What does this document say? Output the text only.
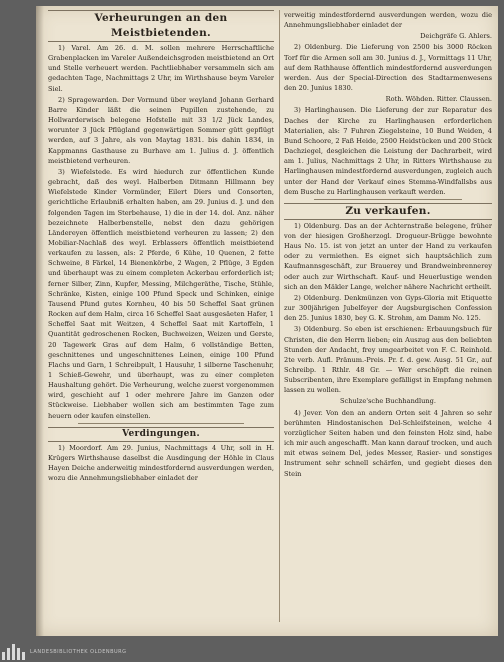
Verheurungen an den Meistbietenden.

1) Varel. Am 26. d. M. sollen mehrere Herrschaftliche Grabenplacken im Vareler Außendeichsgroden meistbietend an Ort und Stelle verheuert werden. Pachtliebhaber versammeln sich am gedachten Tage, Nachmittags 2 Uhr, im Wirthshause beym Vareler Siel.

2) Spragewarden. Der Vormund über weyland Johann Gerhard Barre Kinder läßt die seinen Pupillen zustehende, zu Hollwarderwisch belegene Hofstelle mit 33 1/2 Jück Landes, worunter 3 Jück Pflügland gegenwärtigen Sommer gütt gepflügt werden, auf 3 Jahre, als von Maytag 1831. bis dahin 1834, in Kappmanns Gasthause zu Burhave am 1. Julius d. J. öffentlich meistbietend verheuren.

3) Wiefelstede. Es wird hiedurch zur öffentlichen Kunde gebracht, daß des weyl. Halberben Ditmann Hillmann bey Wiefelstede Kinder Vormünder, Eilert Diers und Consorten, gerichtliche Erlaubniß erhalten haben, am 29. Junius d. J. und den folgenden Tagen im Sterbehause, 1) die in der 14. dol. Anz. näher bezeichnete Halberbenstelle, nebst den dazu gehörigen Ländereyen öffentlich meistbietend verheuren zu lassen; 2) den Mobiliar-Nachlaß des weyl. Erblassers öffentlich meistbietend verkaufen zu lassen, als: 2 Pferde, 6 Kühe, 10 Quenen, 2 fette Schweine, 8 Färkel, 14 Bienenkörbe, 2 Wagen, 2 Pflüge, 3 Egden und überhaupt was zu einem completen Ackerbau erforderlich ist; ferner Silber, Zinn, Kupfer, Messing, Milchgeräthe, Tische, Stühle, Schränke, Kisten, einige 100 Pfund Speck und Schinken, einige Tausend Pfund gutes Kornheu, 40 bis 50 Scheffel Saat grünen Rocken auf dem Halm, circa 16 Scheffel Saat ausgesäeten Hafer, 1 Scheffel Saat mit Weitzen, 4 Scheffel Saat mit Kartoffeln, 1 Quantität gedroschenen Rocken, Buchweizen, Weizen und Gerste, 20 Tagewerk Gras auf dem Halm, 6 vollständige Betten, geschnittenes und ungeschnittenes Leinen, einige 100 Pfund Flachs und Garn, 1 Schreibpult, 1 Hausuhr, 1 silberne Taschenuhr, 1 Schieß-Gewehr, und überhaupt, was zu einer completen Haushaltung gehört. Die Verheurung, welche zuerst vorgenommen wird, geschieht auf 1 oder mehrere Jahre im Ganzen oder Stückweise. Liebhaber wollen sich am bestimmten Tage zum heuern oder kaufen einstellen.

Verdingungen.

1) Moordorf. Am 29. Junius, Nachmittags 4 Uhr, soll in H. Krügers Wirthshause daselbst die Ausdingung der Höhle in Claus Hayen Deiche anderweitig mindestfordernd ausverdungen werden, wozu die Annehmungsliebhaber einladet der

verweitig mindestfordernd ausverdungen werden, wozu die Annehmungsliebhaber einladet der

Deichgräfe G. Ahlers.

2) Oldenburg. Die Lieferung von 2500 bis 3000 Röcken Torf für die Armen soll am 30. Junius d. J., Vormittags 11 Uhr, auf dem Rathhause öffentlich mindestfordernd ausverdungen werden. Aus der Special-Direction des Stadtarmenwesens den 20. Junius 1830.

Roth. Wöhden. Ritter. Claussen.

3) Harlinghausen. Die Lieferung der zur Reparatur des Daches der Kirche zu Harlinghausen erforderlichen Materialien, als: 7 Fuhren Ziegelsteine, 10 Bund Weiden, 4 Bund Schoore, 2 Faß Heide, 2500 Heidstücken und 200 Stück Dachziegel, desgleichen die Leistung der Dachrarbeit, wird am 1. Julius, Nachmittags 2 Uhr, in Ritters Wirthshause zu Harlinghausen mindestfordernd ausverdungen, zugleich auch unter der Hand der Verkauf eines Stemma-Windfallsbs aus dem Busche zu Harlinghausen verkauft werden.

Zu verkaufen.

1) Oldenburg. Das an der Achternstraße belegene, früher von der hiesigen Großherzogl. Drogueur-Brügge bewohnte Haus No. 15. ist von jetzt an unter der Hand zu verkaufen oder zu vermiethen. Es eignet sich hauptsächlich zum Kaufmannsgeschäft, zur Brauerey und Brandweinbrennerey oder auch zur Wirthschaft. Kauf- und Heuerlustige wenden sich an den Mäkler Lange, welcher nähere Nachricht ertheilt.

2) Oldenburg. Denkmünzen von Gyps-Gloria mit Etiquette zur 300jährigen Jubelfeyer der Augsburgischen Confession den 25. Junius 1830, bey G. K. Strohm, am Damm No. 125.

3) Oldenburg. So eben ist erschienen: Erbauungsbuch für Christen, die den Herrn lieben; ein Auszug aus den beliebten Stunden der Andacht, frey umgearbeitet von F. C. Reinhold. 2te verb. Aufl. Pränum.-Preis. Pr. f. d. gew. Ausg. 51 Gr., auf Schreibp. 1 Rthlr. 48 Gr. — Wer erschöpft die reinen Subscribenten, ihre Exemplare gefälligst in Empfang nehmen lassen zu wollen.

Schulze'sche Buchhandlung.

4) Jever. Von den an andern Orten seit 4 Jahren so sehr berühmten Hindostanischen Del-Schleifsteinen, welche 4 vorzüglicher Seiten haben und den feinsten Holz sind, habe ich mir auch angeschafft. Man kann darauf trocken, und auch mit etwas seinem Del, jedes Messer, Rasier- und sonstiges Instrument sehr schnell schärfen, und gegiebt dieses den Stein

LANDESBIBLIOTHEK OLDENBURG
